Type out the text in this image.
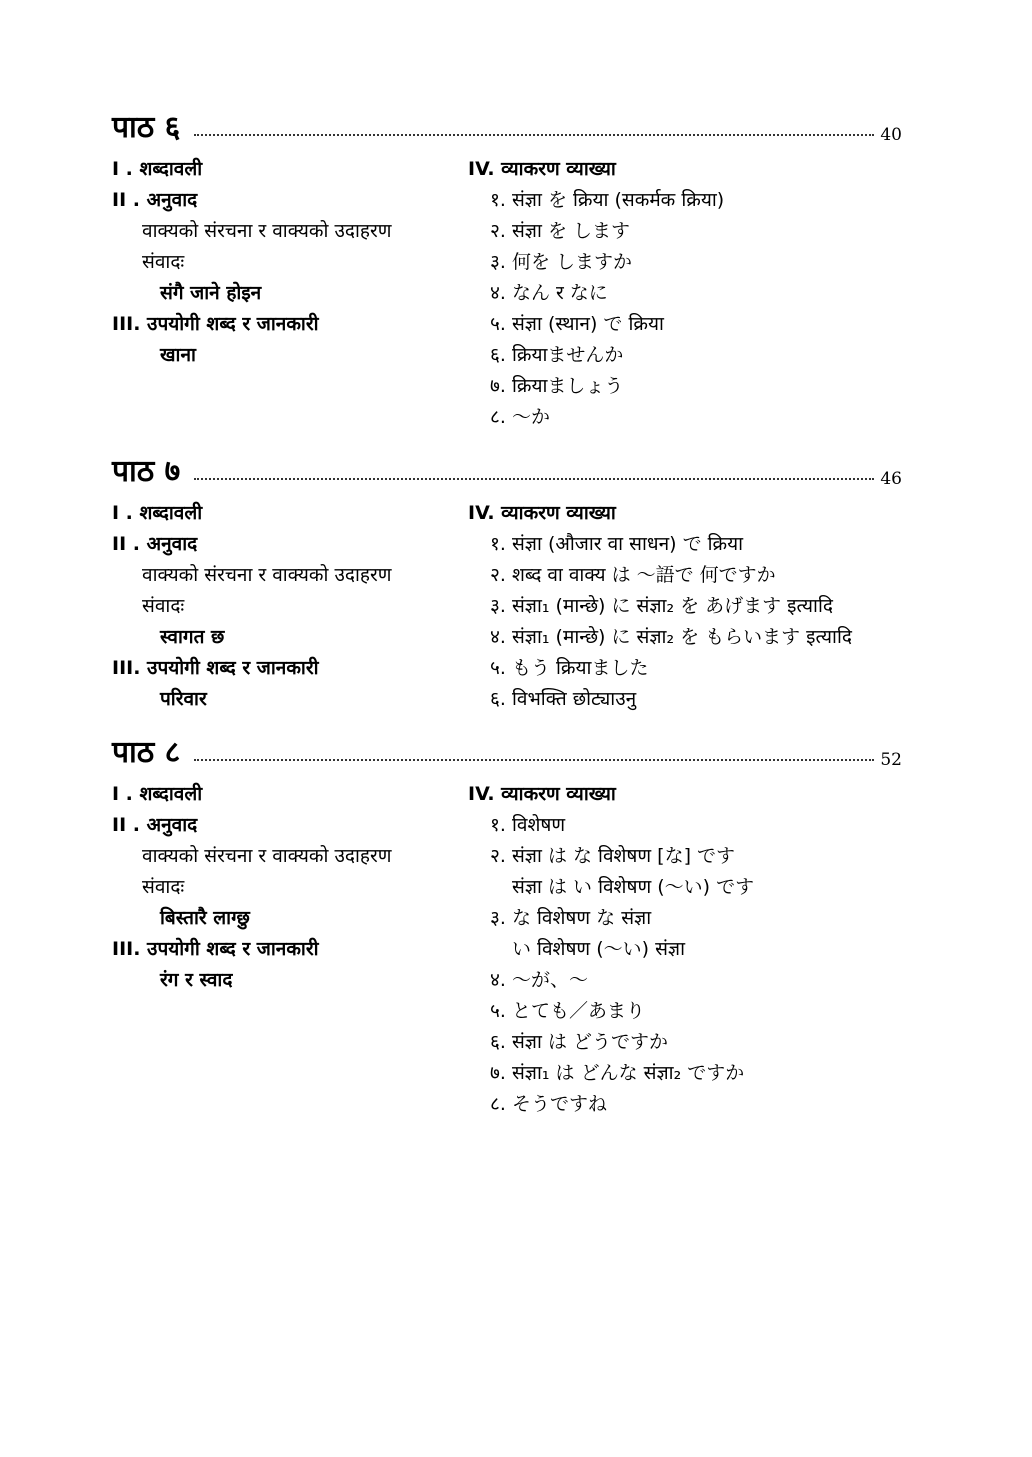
पाठ ६	40
I . शब्दावली
II . अनुवाद
वाक्यको संरचना र वाक्यको उदाहरण
संवादः
संगै जाने होइन
III. उपयोगी शब्द र जानकारी
खाना
IV. व्याकरण व्याख्या
१. संज्ञा を क्रिया (सकर्मक क्रिया)
२. संज्ञा を します
३. 何を しますか
४. なん र なに
५. संज्ञा (स्थान) で क्रिया
६. क्रियाませんか
७. क्रियाましょう
८. ～か
पाठ ७	46
I . शब्दावली
II . अनुवाद
वाक्यको संरचना र वाक्यको उदाहरण
संवादः
स्वागत छ
III. उपयोगी शब्द र जानकारी
परिवार
IV. व्याकरण व्याख्या
१. संज्ञा (औजार वा साधन) で क्रिया
२. शब्द वा वाक्य は ～語で 何ですか
३. संज्ञा₁ (मान्छे) に संज्ञा₂ を あげます इत्यादि
४. संज्ञा₁ (मान्छे) に संज्ञा₂ を もらいます इत्यादि
५. もう क्रियाました
६. विभक्ति छोट्याउनु
पाठ ८	52
I . शब्दावली
II . अनुवाद
वाक्यको संरचना र वाक्यको उदाहरण
संवादः
बिस्तारै लाग्छु
III. उपयोगी शब्द र जानकारी
रंग र स्वाद
IV. व्याकरण व्याख्या
१. विशेषण
२. संज्ञा は な विशेषण [な] です
संज्ञा は い विशेषण (～い) です
३. な विशेषण な संज्ञा
い विशेषण (～い) संज्ञा
४. ～が、～
५. とても／あまり
६. संज्ञा は どうですか
७. संज्ञा₁ は どんな संज्ञा₂ ですか
८. そうですね
